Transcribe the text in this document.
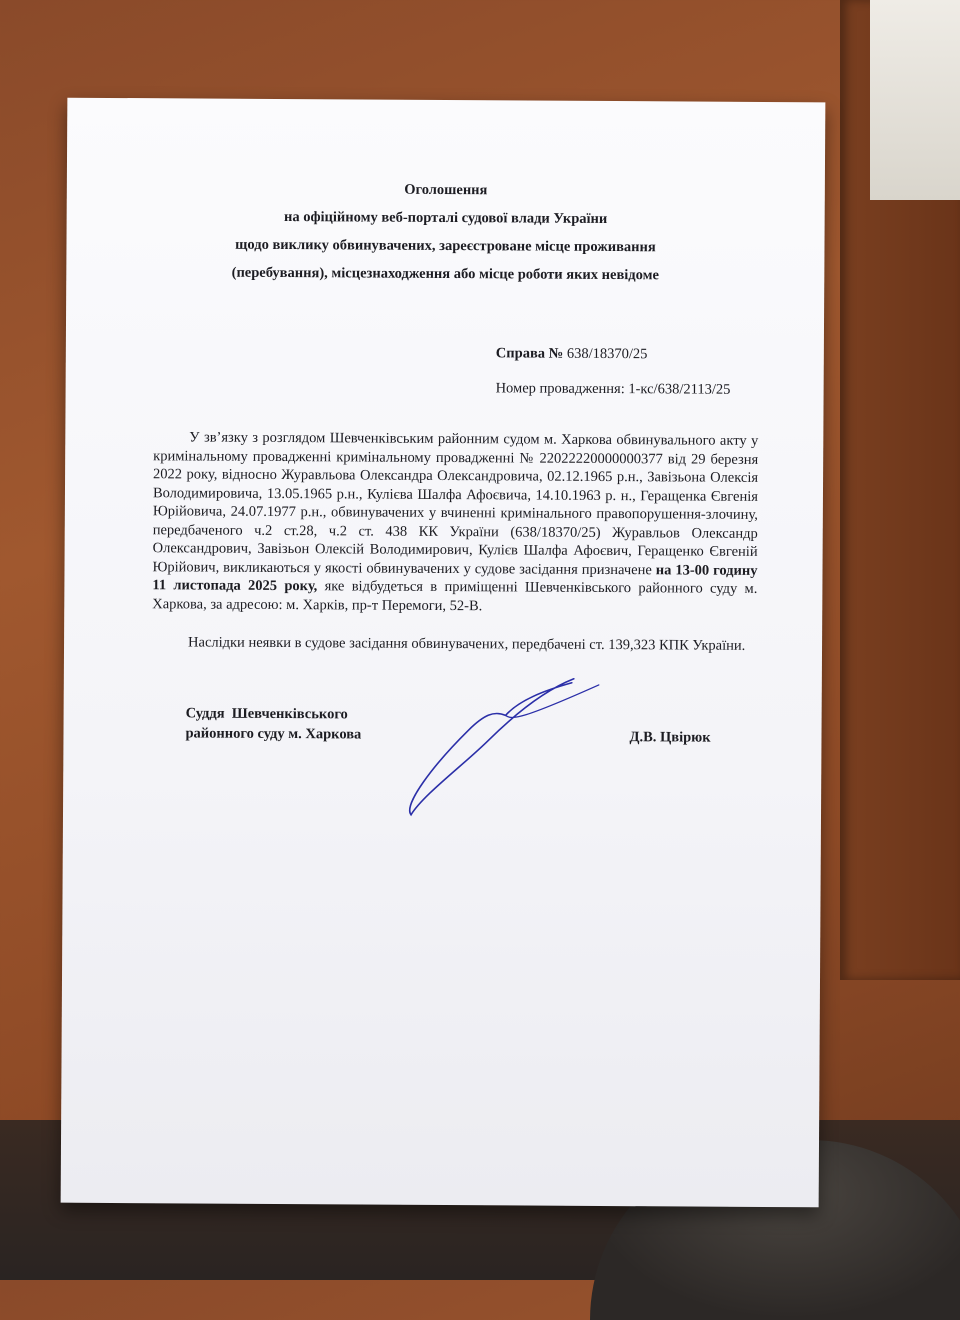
Оголошення
на офіційному веб-порталі судової влади України
щодо виклику обвинувачених, зареєстроване місце проживання
(перебування), місцезнаходження або місце роботи яких невідоме
Справа № 638/18370/25
Номер провадження: 1-кс/638/2113/25
У зв’язку з розглядом Шевченківським районним судом м. Харкова обвинувального акту у кримінальному провадженні кримінальному провадженні № 22022220000000377 від 29 березня 2022 року, відносно Журавльова Олександра Олександровича, 02.12.1965 р.н., Завізьона Олексія Володимировича, 13.05.1965 р.н., Кулієва Шалфа Афоєвича, 14.10.1963 р. н., Геращенка Євгенія Юрійовича, 24.07.1977 р.н., обвинувачених у вчиненні кримінального правопорушення-злочину, передбаченого ч.2 ст.28, ч.2 ст. 438 КК України (638/18370/25) Журавльов Олександр Олександрович, Завізьон Олексій Володимирович, Кулієв Шалфа Афоєвич, Геращенко Євгеній Юрійович, викликаються у якості обвинувачених у судове засідання призначене на 13-00 годину 11 листопада 2025 року, яке відбудеться в приміщенні Шевченківського районного суду м. Харкова, за адресою: м. Харків, пр-т Перемоги, 52-В.
Наслідки неявки в судове засідання обвинувачених, передбачені ст. 139,323 КПК України.
Суддя  Шевченківського
районного суду м. Харкова	Д.В. Цвірюк
